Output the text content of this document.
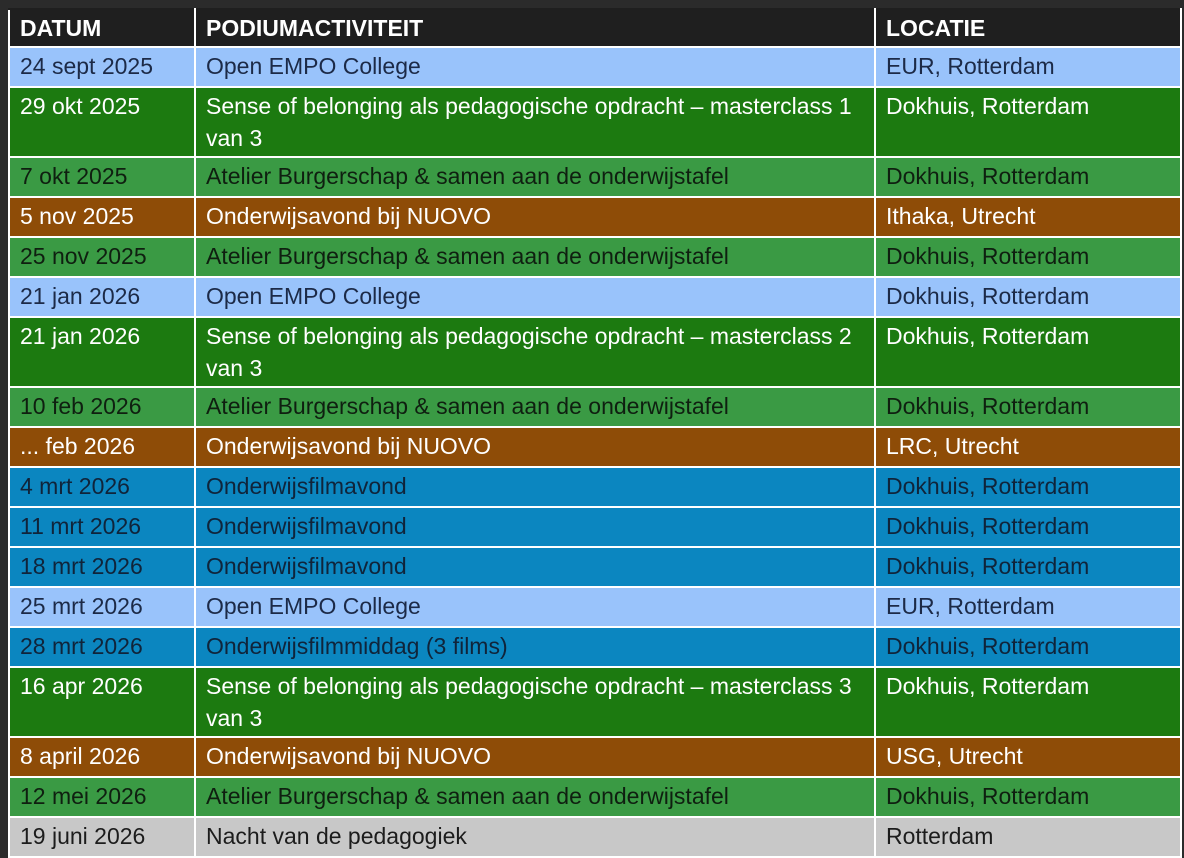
DATUM	PODIUMACTIVITEIT	LOCATIE
24 sept 2025	Open EMPO College	EUR, Rotterdam
29 okt 2025	Sense of belonging als pedagogische opdracht – masterclass 1 van 3	Dokhuis, Rotterdam
7 okt 2025	Atelier Burgerschap & samen aan de onderwijstafel	Dokhuis, Rotterdam
5 nov 2025	Onderwijsavond bij NUOVO	Ithaka, Utrecht
25 nov 2025	Atelier Burgerschap & samen aan de onderwijstafel	Dokhuis, Rotterdam
21 jan 2026	Open EMPO College	Dokhuis, Rotterdam
21 jan 2026	Sense of belonging als pedagogische opdracht – masterclass 2 van 3	Dokhuis, Rotterdam
10 feb 2026	Atelier Burgerschap & samen aan de onderwijstafel	Dokhuis, Rotterdam
... feb 2026	Onderwijsavond bij NUOVO	LRC, Utrecht
4 mrt 2026	Onderwijsfilmavond	Dokhuis, Rotterdam
11 mrt 2026	Onderwijsfilmavond	Dokhuis, Rotterdam
18 mrt 2026	Onderwijsfilmavond	Dokhuis, Rotterdam
25 mrt 2026	Open EMPO College	EUR, Rotterdam
28 mrt 2026	Onderwijsfilmmiddag (3 films)	Dokhuis, Rotterdam
16 apr 2026	Sense of belonging als pedagogische opdracht – masterclass 3 van 3	Dokhuis, Rotterdam
8 april 2026	Onderwijsavond bij NUOVO	USG, Utrecht
12 mei 2026	Atelier Burgerschap & samen aan de onderwijstafel	Dokhuis, Rotterdam
19 juni 2026	Nacht van de pedagogiek	Rotterdam
